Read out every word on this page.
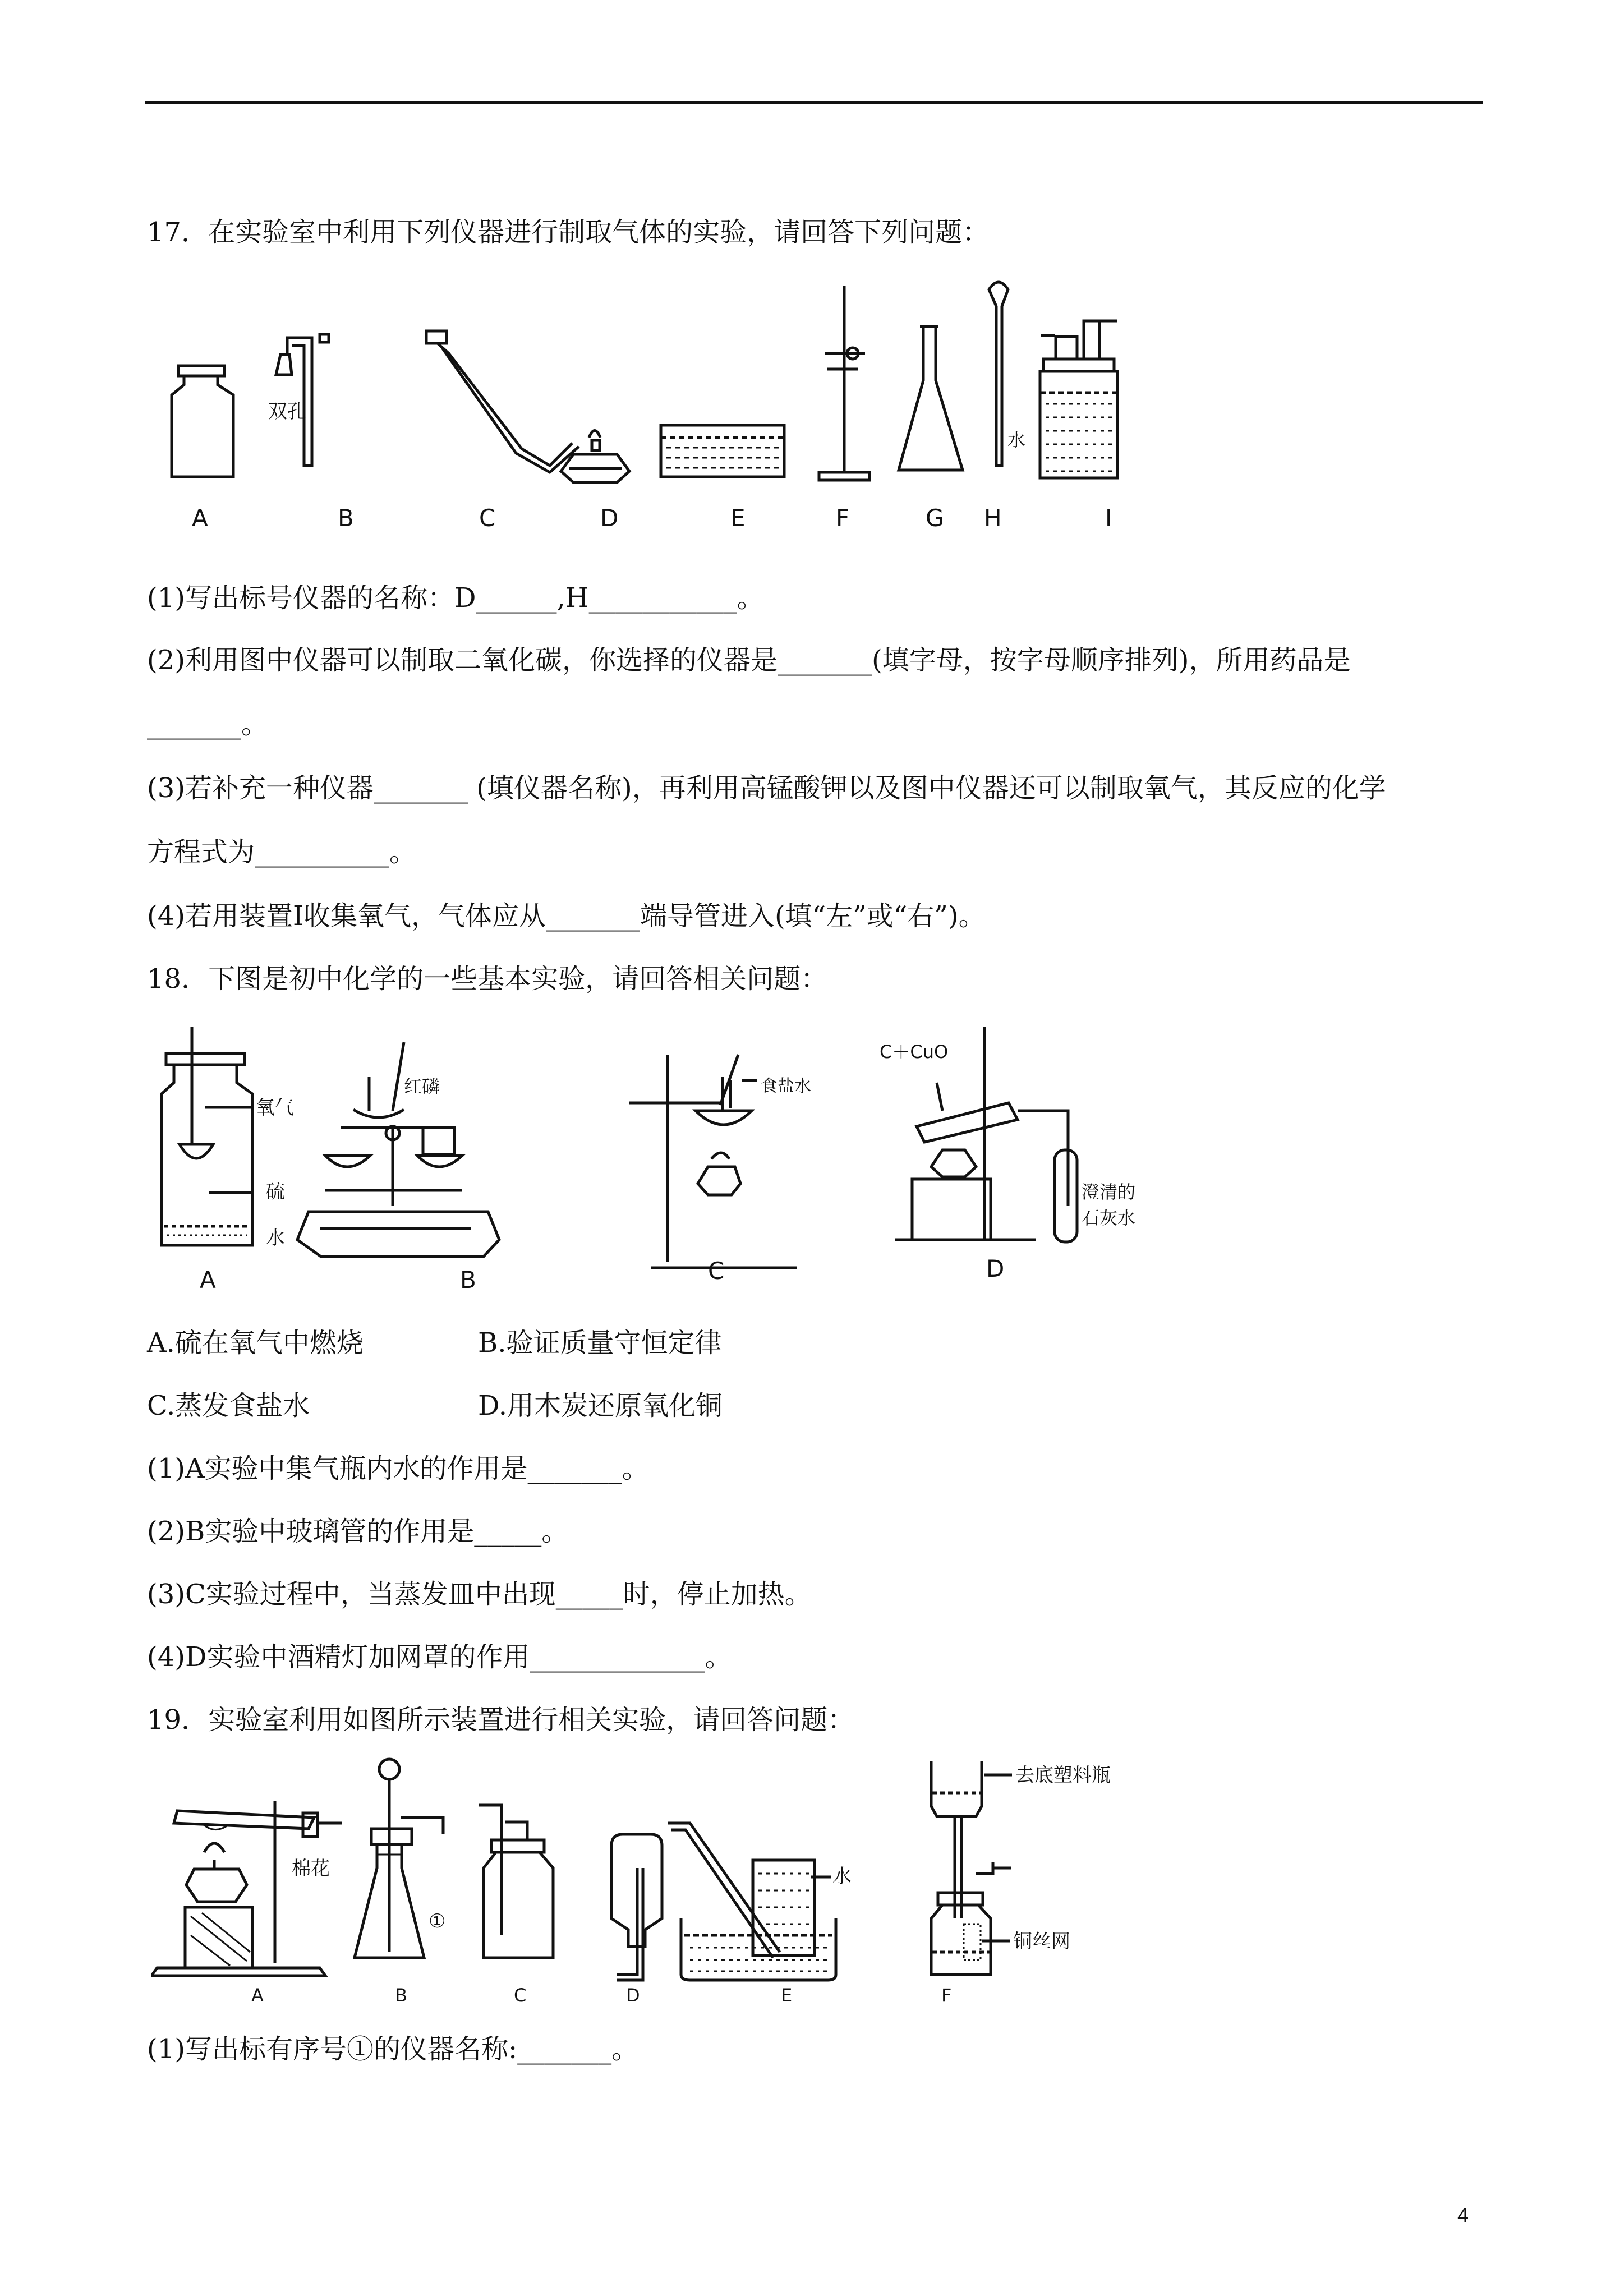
17．在实验室中利用下列仪器进行制取气体的实验，请回答下列问题：
双孔
水
A	B	C	D	E	F	G H	I
(1)写出标号仪器的名称：D______,H___________。
(2)利用图中仪器可以制取二氧化碳，你选择的仪器是_______(填字母，按字母顺序排列)，所用药品是
_______。
(3)若补充一种仪器_______ (填仪器名称)，再利用高锰酸钾以及图中仪器还可以制取氧气，其反应的化学
方程式为__________。
(4)若用装置Ⅰ收集氧气，气体应从_______端导管进入(填“左”或“右”)。
18．下图是初中化学的一些基本实验，请回答相关问题：
氧气
硫
水
红磷	食盐水
C＋CuO
澄清的
石灰水
A	B	C	D
A.硫在氧气中燃烧	B.验证质量守恒定律
C.蒸发食盐水	D.用木炭还原氧化铜
(1)A实验中集气瓶内水的作用是_______。
(2)B实验中玻璃管的作用是_____。
(3)C实验过程中，当蒸发皿中出现_____时，停止加热。
(4)D实验中酒精灯加网罩的作用_____________。
19．实验室利用如图所示装置进行相关实验，请回答问题：
棉花
①
水
去底塑料瓶
铜丝网
A	B	C	D	E	F
(1)写出标有序号①的仪器名称:_______。
4
